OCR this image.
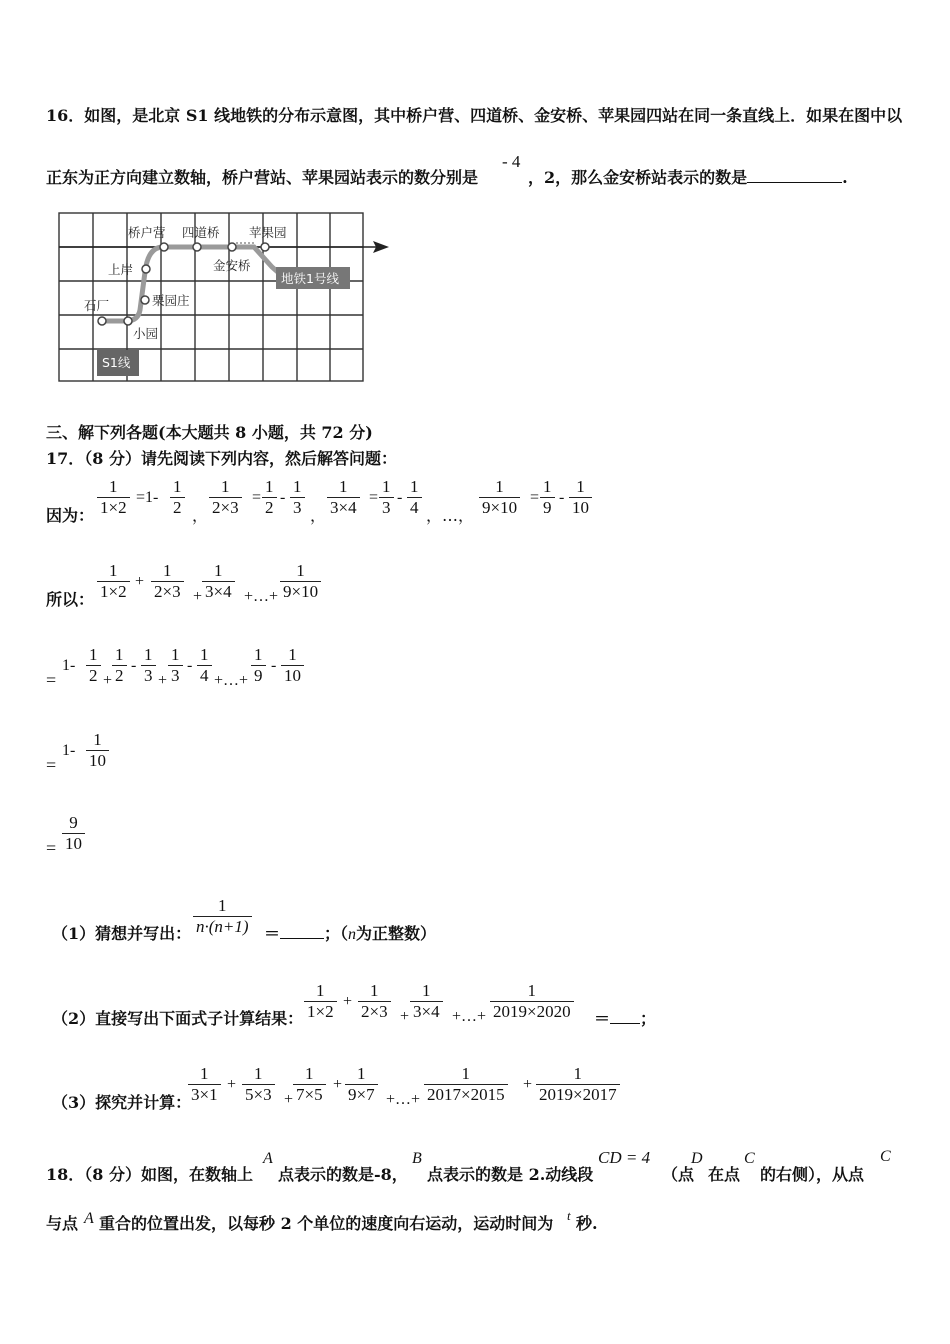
16．如图，是北京 S1 线地铁的分布示意图，其中桥户营、四道桥、金安桥、苹果园四站在同一条直线上．如果在图中以
正东为正方向建立数轴，桥户营站、苹果园站表示的数分别是
- 4
，2，那么金安桥站表示的数是	.
桥户营 四道桥 苹果园
金安桥
上岸
栗园庄
石厂
小园
地铁1号线
S1线
三、解下列各题(本大题共 8 小题，共 72 分)
17．（8 分）请先阅读下列内容，然后解答问题：
因为： $\frac{1}{1\times 2} =1- \frac{1}{2}$ ， $\frac{1}{2\times 3} = \frac{1}{2} - \frac{1}{3}$ ， $\frac{1}{3\times 4} = \frac{1}{3} - \frac{1}{4}$ ，…， $\frac{1}{9\times 10} = \frac{1}{9} - \frac{1}{10}$
所以： $\frac{1}{1\times 2} + \frac{1}{2\times 3} + \frac{1}{3\times 4}$ +…+ $\frac{1}{9\times 10}$
=
$1- \frac{1}{2} + \frac{1}{2} - \frac{1}{3} + \frac{1}{3} - \frac{1}{4}$ +…+ $\frac{1}{9} - \frac{1}{10}$
=
$1- \frac{1}{10}$
= $\frac{9}{10}$
（1）猜想并写出：
$\frac{1}{n\cdot(n+1)}$ ＝	；（n为正整数）
（2）直接写出下面式子计算结果： $\frac{1}{1\times 2} + \frac{1}{2\times 3} + \frac{1}{3\times 4}$ +…+ $\frac{1}{2019\times 2020}$ ＝ ；
（3）探究并计算：
$\frac{1}{3\times 1} + \frac{1}{5\times 3} + \frac{1}{7\times 5} + \frac{1}{9\times 7}$ +…+ $\frac{1}{2017\times 2015} + \frac{1}{2019\times 2017}$
18．（8 分）如图，在数轴上
A
点表示的数是-8，
B
点表示的数是 2.动线段
CD = 4
（点
D
在点
C
的右侧），从点
C
与点 A 重合的位置出发，以每秒 2 个单位的速度向右运动，运动时间为 t 秒.
